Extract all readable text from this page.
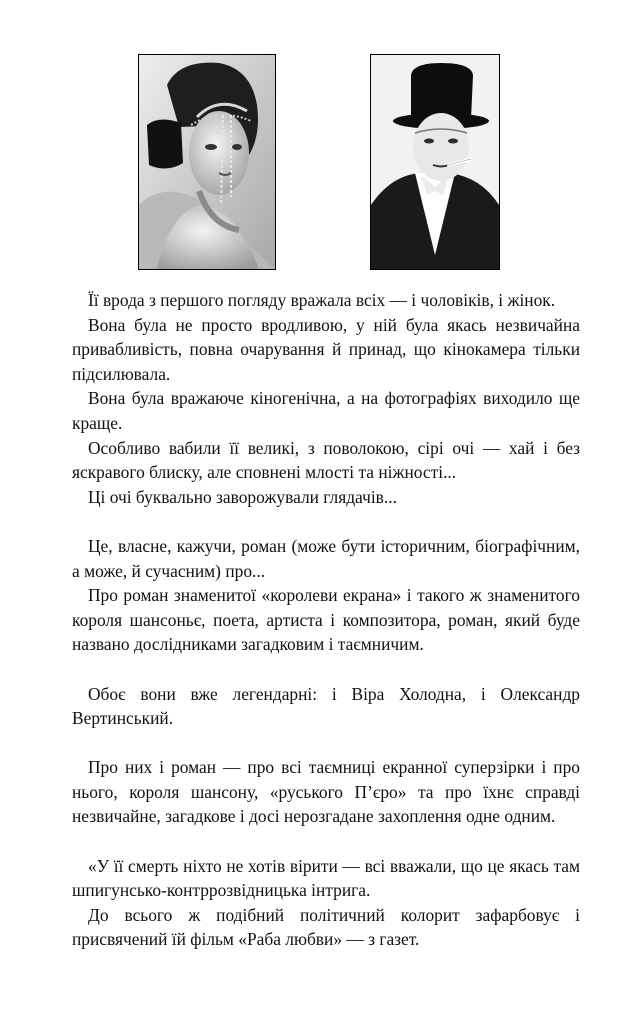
Її врода з першого погляду вражала всіх — і чоловіків, і жінок.

Вона була не просто вродливою, у ній була якась незвичайна привабливість, повна очарування й принад, що кінокамера тільки підсилювала.

Вона була вражаюче кіногенічна, а на фотографіях виходило ще краще.

Особливо вабили її великі, з поволокою, сірі очі — хай і без яскравого блиску, але сповнені млості та ніжності...

Ці очі буквально заворожували глядачів...

Це, власне, кажучи, роман (може бути історичним, біографічним, а може, й сучасним) про...

Про роман знаменитої «королеви екрана» і такого ж знаменитого короля шансоньє, поета, артиста і композитора, роман, який буде названо дослідниками загадковим і таємничим.

Обоє вони вже легендарні: і Віра Холодна, і Олександр Вертинський.

Про них і роман — про всі таємниці екранної суперзірки і про нього, короля шансону, «руського П’єро» та про їхнє справді незвичайне, загадкове і досі нерозгадане захоплення одне одним.

«У її смерть ніхто не хотів вірити — всі вважали, що це якась там шпигунсько-контррозвідницька інтрига.

До всього ж подібний політичний колорит зафарбовує і присвячений їй фільм «Раба любви» — з газет.
